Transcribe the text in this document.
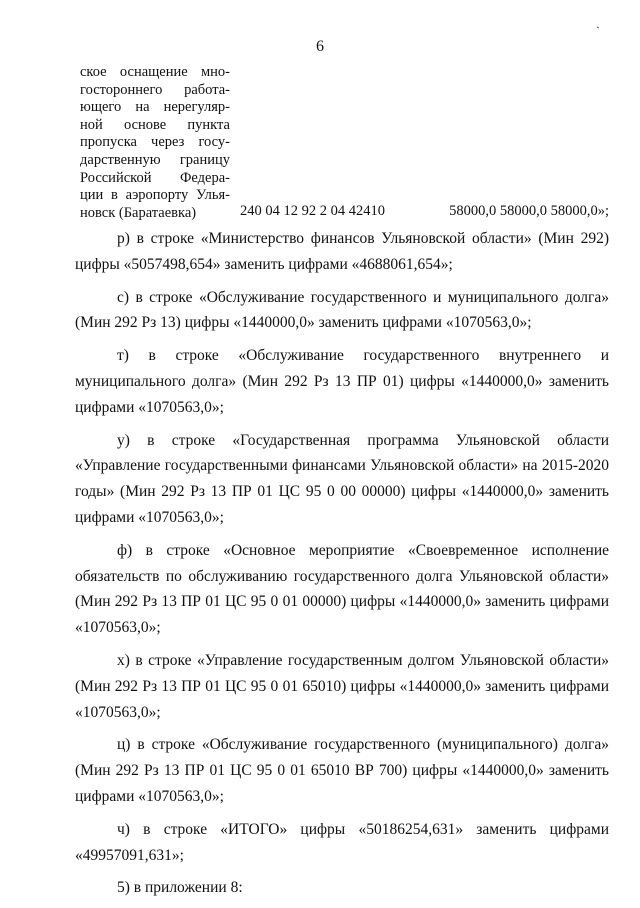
`
6
ское оснащение мно-
гостороннего работа-
ющего на нерегуляр-
ной основе пункта
пропуска через госу-
дарственную границу
Российской Федера-
ции в аэропорту Улья-
новск (Баратаевка)	240 04 12 92 2 04 42410	58000,0 58000,0 58000,0»;

р) в строке «Министерство финансов Ульяновской области» (Мин 292) цифры «5057498,654» заменить цифрами «4688061,654»;

с) в строке «Обслуживание государственного и муниципального долга» (Мин 292 Рз 13) цифры «1440000,0» заменить цифрами «1070563,0»;

т) в строке «Обслуживание государственного внутреннего и муниципального долга» (Мин 292 Рз 13 ПР 01) цифры «1440000,0» заменить цифрами «1070563,0»;

у) в строке «Государственная программа Ульяновской области «Управление государственными финансами Ульяновской области» на 2015-2020 годы» (Мин 292 Рз 13 ПР 01 ЦС 95 0 00 00000) цифры «1440000,0» заменить цифрами «1070563,0»;

ф) в строке «Основное мероприятие «Своевременное исполнение обязательств по обслуживанию государственного долга Ульяновской области» (Мин 292 Рз 13 ПР 01 ЦС 95 0 01 00000) цифры «1440000,0» заменить цифрами «1070563,0»;

х) в строке «Управление государственным долгом Ульяновской области» (Мин 292 Рз 13 ПР 01 ЦС 95 0 01 65010) цифры «1440000,0» заменить цифрами «1070563,0»;

ц) в строке «Обслуживание государственного (муниципального) долга» (Мин 292 Рз 13 ПР 01 ЦС 95 0 01 65010 ВР 700) цифры «1440000,0» заменить цифрами «1070563,0»;

ч) в строке «ИТОГО» цифры «50186254,631» заменить цифрами «49957091,631»;

5) в приложении 8:
